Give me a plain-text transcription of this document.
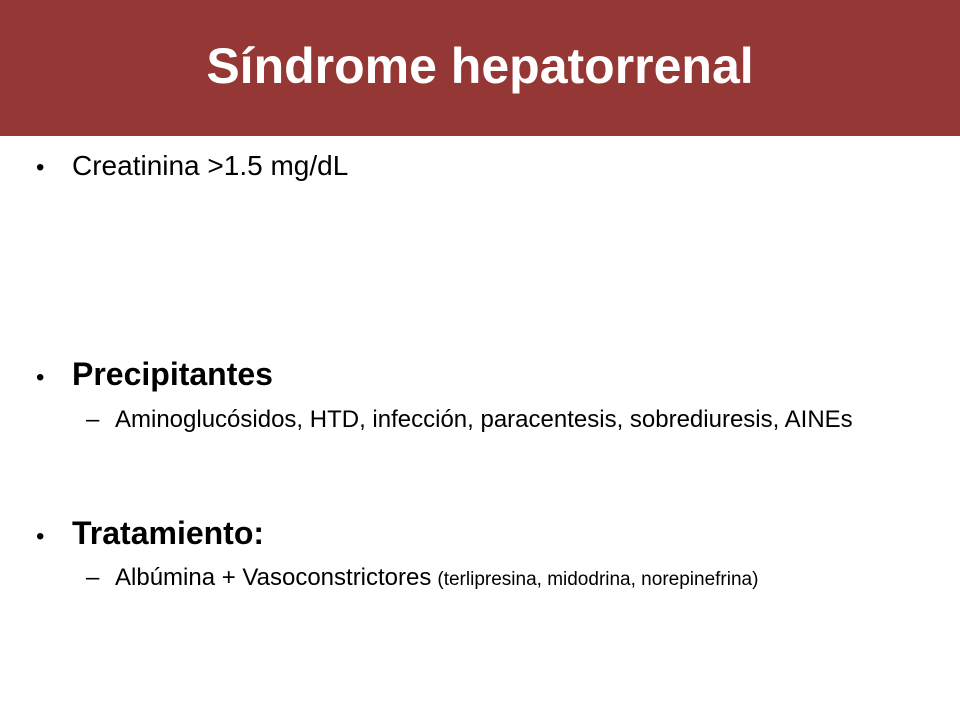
Síndrome hepatorrenal
• Creatinina >1.5 mg/dL
• Precipitantes
– Aminoglucósidos, HTD, infección, paracentesis, sobrediuresis, AINEs
• Tratamiento:
– Albúmina + Vasoconstrictores (terlipresina, midodrina, norepinefrina)
